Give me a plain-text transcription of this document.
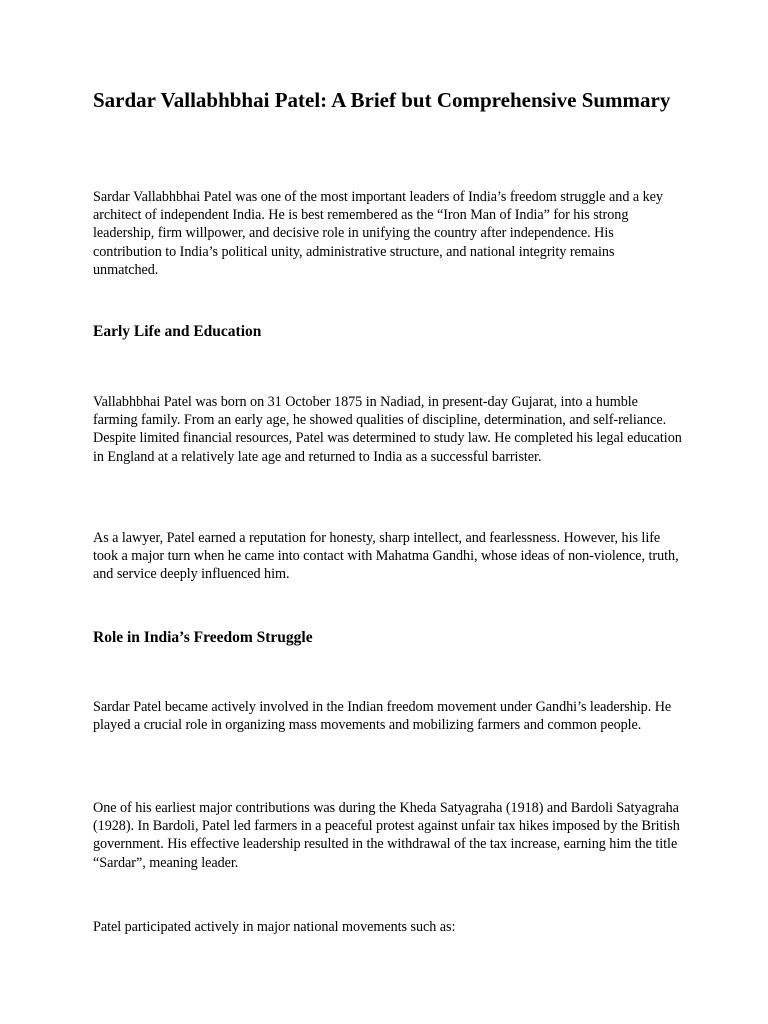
Sardar Vallabhbhai Patel: A Brief but Comprehensive Summary

Sardar Vallabhbhai Patel was one of the most important leaders of India’s freedom struggle and a key architect of independent India. He is best remembered as the “Iron Man of India” for his strong leadership, firm willpower, and decisive role in unifying the country after independence. His contribution to India’s political unity, administrative structure, and national integrity remains unmatched.

Early Life and Education

Vallabhbhai Patel was born on 31 October 1875 in Nadiad, in present-day Gujarat, into a humble farming family. From an early age, he showed qualities of discipline, determination, and self-reliance. Despite limited financial resources, Patel was determined to study law. He completed his legal education in England at a relatively late age and returned to India as a successful barrister.

As a lawyer, Patel earned a reputation for honesty, sharp intellect, and fearlessness. However, his life took a major turn when he came into contact with Mahatma Gandhi, whose ideas of non-violence, truth, and service deeply influenced him.

Role in India’s Freedom Struggle

Sardar Patel became actively involved in the Indian freedom movement under Gandhi’s leadership. He played a crucial role in organizing mass movements and mobilizing farmers and common people.

One of his earliest major contributions was during the Kheda Satyagraha (1918) and Bardoli Satyagraha (1928). In Bardoli, Patel led farmers in a peaceful protest against unfair tax hikes imposed by the British government. His effective leadership resulted in the withdrawal of the tax increase, earning him the title “Sardar”, meaning leader.

Patel participated actively in major national movements such as:
